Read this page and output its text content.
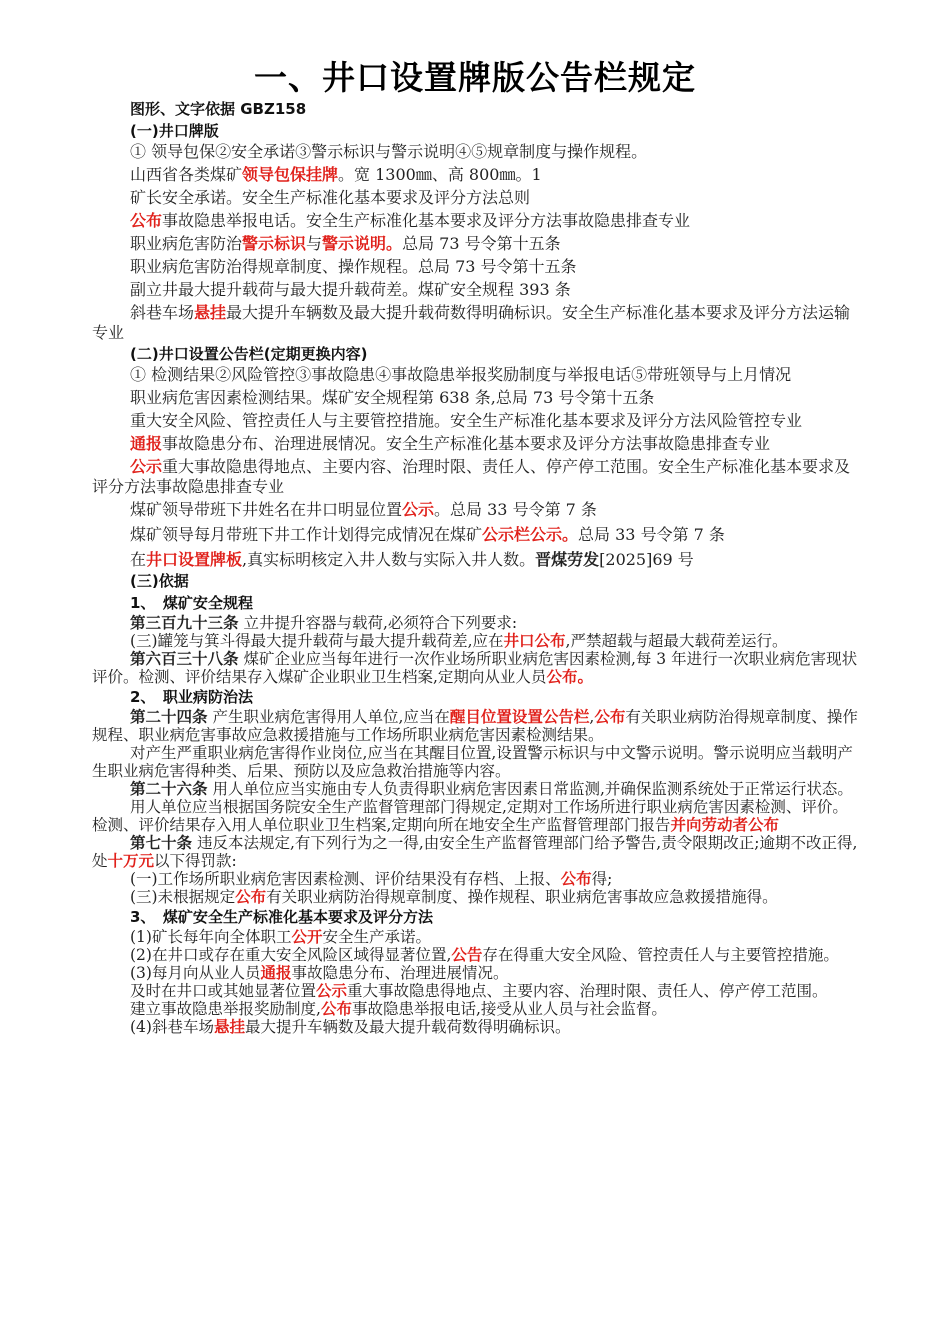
一、井口设置牌版公告栏规定

图形、文字依据 GBZ158

(一)井口牌版

① 领导包保②安全承诺③警示标识与警示说明④⑤规章制度与操作规程。

山西省各类煤矿领导包保挂牌。宽 1300㎜、高 800㎜。1

矿长安全承诺。安全生产标准化基本要求及评分方法总则

公布事故隐患举报电话。安全生产标准化基本要求及评分方法事故隐患排查专业

职业病危害防治警示标识与警示说明。总局 73 号令第十五条

职业病危害防治得规章制度、操作规程。总局 73 号令第十五条

副立井最大提升载荷与最大提升载荷差。煤矿安全规程 393 条

斜巷车场悬挂最大提升车辆数及最大提升载荷数得明确标识。安全生产标准化基本要求及评分方法运输专业

(二)井口设置公告栏(定期更换内容)

① 检测结果②风险管控③事故隐患④事故隐患举报奖励制度与举报电话⑤带班领导与上月情况

职业病危害因素检测结果。煤矿安全规程第 638 条,总局 73 号令第十五条

重大安全风险、管控责任人与主要管控措施。安全生产标准化基本要求及评分方法风险管控专业

通报事故隐患分布、治理进展情况。安全生产标准化基本要求及评分方法事故隐患排查专业

公示重大事故隐患得地点、主要内容、治理时限、责任人、停产停工范围。安全生产标准化基本要求及评分方法事故隐患排查专业

煤矿领导带班下井姓名在井口明显位置公示。总局 33 号令第 7 条

煤矿领导每月带班下井工作计划得完成情况在煤矿公示栏公示。总局 33 号令第 7 条

在井口设置牌板,真实标明核定入井人数与实际入井人数。晋煤劳发[2025]69 号

(三)依据

1、　煤矿安全规程

第三百九十三条 立井提升容器与载荷,必须符合下列要求:

(三)罐笼与箕斗得最大提升载荷与最大提升载荷差,应在井口公布,严禁超载与超最大载荷差运行。

第六百三十八条 煤矿企业应当每年进行一次作业场所职业病危害因素检测,每 3 年进行一次职业病危害现状评价。检测、评价结果存入煤矿企业职业卫生档案,定期向从业人员公布。

2、　职业病防治法

第二十四条 产生职业病危害得用人单位,应当在醒目位置设置公告栏,公布有关职业病防治得规章制度、操作规程、职业病危害事故应急救援措施与工作场所职业病危害因素检测结果。

对产生严重职业病危害得作业岗位,应当在其醒目位置,设置警示标识与中文警示说明。警示说明应当载明产生职业病危害得种类、后果、预防以及应急救治措施等内容。

第二十六条 用人单位应当实施由专人负责得职业病危害因素日常监测,并确保监测系统处于正常运行状态。

用人单位应当根据国务院安全生产监督管理部门得规定,定期对工作场所进行职业病危害因素检测、评价。检测、评价结果存入用人单位职业卫生档案,定期向所在地安全生产监督管理部门报告并向劳动者公布

第七十条 违反本法规定,有下列行为之一得,由安全生产监督管理部门给予警告,责令限期改正;逾期不改正得,处十万元以下得罚款:

(一)工作场所职业病危害因素检测、评价结果没有存档、上报、公布得;

(三)未根据规定公布有关职业病防治得规章制度、操作规程、职业病危害事故应急救援措施得。

3、　煤矿安全生产标准化基本要求及评分方法

(1)矿长每年向全体职工公开安全生产承诺。

(2)在井口或存在重大安全风险区域得显著位置,公告存在得重大安全风险、管控责任人与主要管控措施。

(3)每月向从业人员通报事故隐患分布、治理进展情况。

及时在井口或其她显著位置公示重大事故隐患得地点、主要内容、治理时限、责任人、停产停工范围。

建立事故隐患举报奖励制度,公布事故隐患举报电话,接受从业人员与社会监督。

(4)斜巷车场悬挂最大提升车辆数及最大提升载荷数得明确标识。
